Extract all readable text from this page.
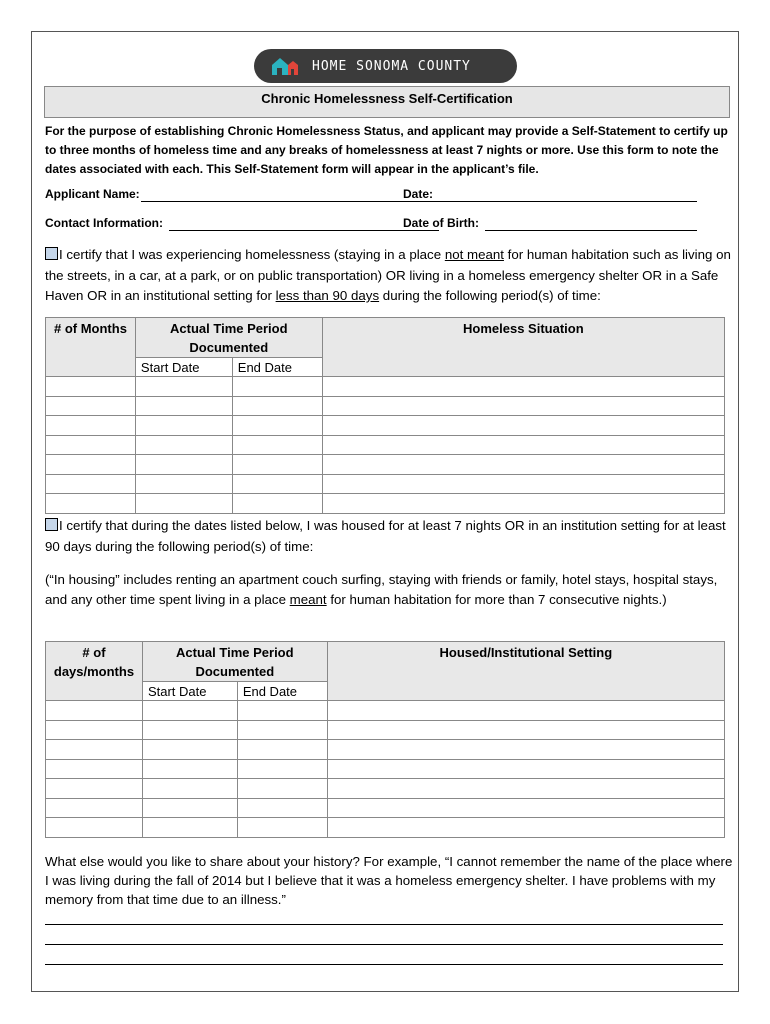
HOME SONOMA COUNTY
Chronic Homelessness Self-Certification
For the purpose of establishing Chronic Homelessness Status, and applicant may provide a Self-Statement to certify up to three months of homeless time and any breaks of homelessness at least 7 nights or more. Use this form to note the dates associated with each. This Self-Statement form will appear in the applicant’s file.
Applicant Name:	Date:
Contact Information:	Date of Birth:
I certify that I was experiencing homelessness (staying in a place not meant for human habitation such as living on the streets, in a car, at a park, or on public transportation) OR living in a homeless emergency shelter OR in a Safe Haven OR in an institutional setting for less than 90 days during the following period(s) of time:
# of Months	Actual Time Period Documented		Homeless Situation
	Start Date	End Date	

I certify that during the dates listed below, I was housed for at least 7 nights OR in an institution setting for at least 90 days during the following period(s) of time:
(“In housing” includes renting an apartment couch surfing, staying with friends or family, hotel stays, hospital stays, and any other time spent living in a place meant for human habitation for more than 7 consecutive nights.)
# of days/months	Actual Time Period Documented		Housed/Institutional Setting
	Start Date	End Date	

What else would you like to share about your history? For example, “I cannot remember the name of the place where I was living during the fall of 2014 but I believe that it was a homeless emergency shelter. I have problems with my memory from that time due to an illness.”
